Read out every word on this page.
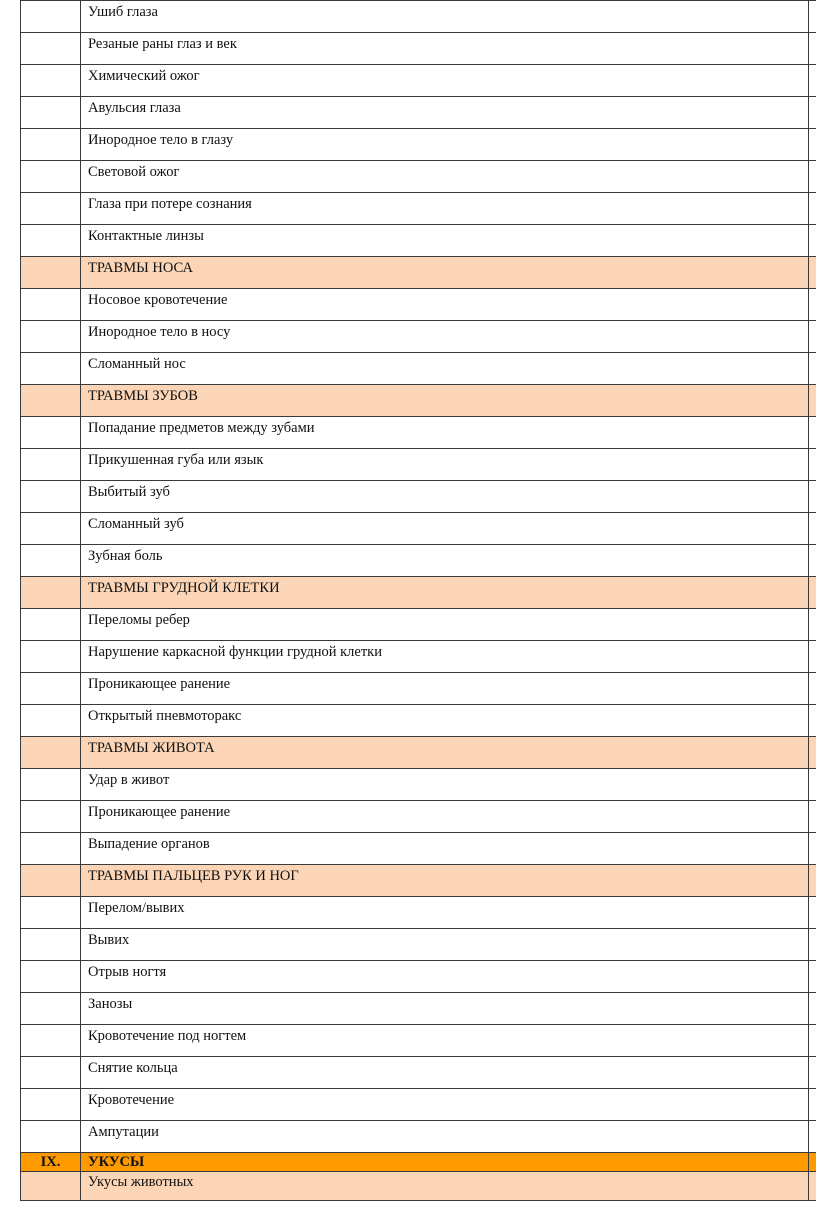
	Ушиб глаза	
	Резаные раны глаз и век	
	Химический ожог	
	Авульсия глаза	
	Инородное тело в глазу	
	Световой ожог	
	Глаза при потере сознания	
	Контактные линзы	
	ТРАВМЫ НОСА	
	Носовое кровотечение	
	Инородное тело в носу	
	Сломанный нос	
	ТРАВМЫ ЗУБОВ	
	Попадание предметов между зубами	
	Прикушенная губа или язык	
	Выбитый зуб	
	Сломанный зуб	
	Зубная боль	
	ТРАВМЫ ГРУДНОЙ КЛЕТКИ	
	Переломы ребер	
	Нарушение каркасной функции грудной клетки	
	Проникающее ранение	
	Открытый пневмоторакс	
	ТРАВМЫ ЖИВОТА	
	Удар в живот	
	Проникающее ранение	
	Выпадение органов	
	ТРАВМЫ ПАЛЬЦЕВ РУК И НОГ	
	Перелом/вывих	
	Вывих	
	Отрыв ногтя	
	Занозы	
	Кровотечение под ногтем	
	Снятие кольца	
	Кровотечение	
	Ампутации	
IX.	УКУСЫ	
	Укусы животных	
